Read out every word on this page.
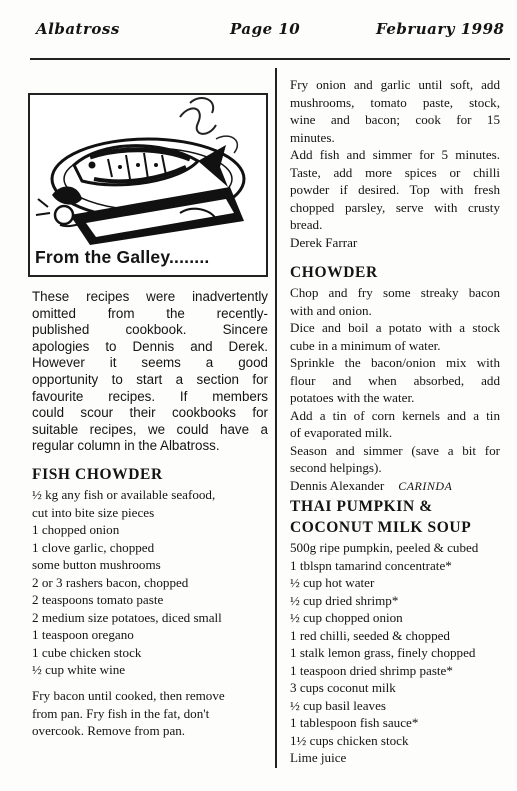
Albatross	Page 10	February 1998
From the Galley........
These recipes were inadvertently
omitted from the recently-
published cookbook. Sincere
apologies to Dennis and Derek.
However it seems a good
opportunity to start a section for
favourite recipes. If members
could scour their cookbooks for
suitable recipes, we could have a
regular column in the Albatross.
FISH CHOWDER
½ kg any fish or available seafood,
cut into bite size pieces
1 chopped onion
1 clove garlic, chopped
some button mushrooms
2 or 3 rashers bacon, chopped
2 teaspoons tomato paste
2 medium size potatoes, diced small
1 teaspoon oregano
1 cube chicken stock
½ cup white wine
Fry bacon until cooked, then remove
from pan. Fry fish in the fat, don't
overcook. Remove from pan.
Fry onion and garlic until soft, add
mushrooms, tomato paste, stock,
wine and bacon; cook for 15
minutes.
Add fish and simmer for 5 minutes.
Taste, add more spices or chilli
powder if desired. Top with fresh
chopped parsley, serve with crusty
bread.
Derek Farrar
CHOWDER
Chop and fry some streaky bacon
with and onion.
Dice and boil a potato with a stock
cube in a minimum of water.
Sprinkle the bacon/onion mix with
flour and when absorbed, add
potatoes with the water.
Add a tin of corn kernels and a tin
of evaporated milk.
Season and simmer (save a bit for
second helpings).
Dennis Alexander CARINDA
THAI PUMPKIN &
COCONUT MILK SOUP
500g ripe pumpkin, peeled & cubed
1 tblspn tamarind concentrate*
½ cup hot water
½ cup dried shrimp*
½ cup chopped onion
1 red chilli, seeded & chopped
1 stalk lemon grass, finely chopped
1 teaspoon dried shrimp paste*
3 cups coconut milk
½ cup basil leaves
1 tablespoon fish sauce*
1½ cups chicken stock
Lime juice
